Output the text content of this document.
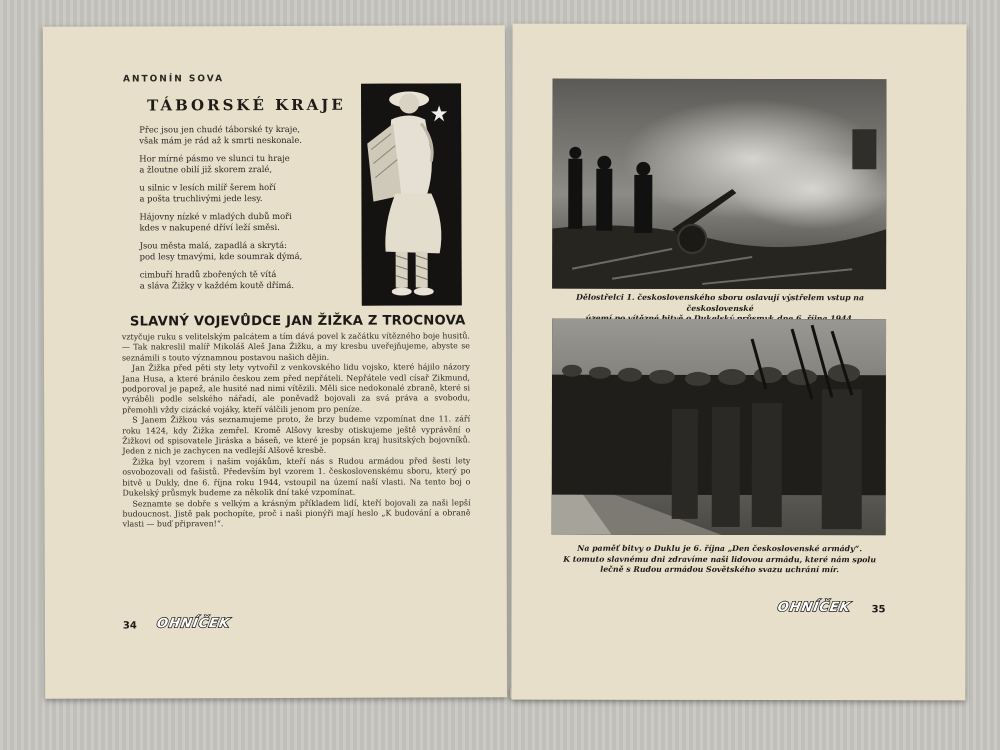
ANTONÍN SOVA
TÁBORSKÉ KRAJE

Přec jsou jen chudé táborské ty kraje,
však mám je rád až k smrti neskonale.

Hor mírné pásmo ve slunci tu hraje
a žloutne obilí již skorem zralé,

u silnic v lesích milíř šerem hoří
a pošta truchlivými jede lesy.

Hájovny nízké v mladých dubů moři
kdes v nakupené dříví leží směsi.

Jsou města malá, zapadlá a skrytá:
pod lesy tmavými, kde soumrak dýmá,

cimbuří hradů zbořených tě vítá
a sláva Žižky v každém koutě dřímá.

SLAVNÝ VOJEVŮDCE JAN ŽIŽKA Z TROCNOVA

vztyčuje ruku s velitelským palcátem a tím dává povel k začátku vítězného boje husitů. — Tak nakreslil malíř Mikoláš Aleš Jana Žižku, a my kresbu uveřejňujeme, abyste se seznámili s touto významnou postavou našich dějin.

Jan Žižka před pěti sty lety vytvořil z venkovského lidu vojsko, které hájilo názory Jana Husa, a které bránilo českou zem před nepřáteli. Nepřátele vedl císař Zikmund, podporoval je papež, ale husité nad nimi vítězili. Měli sice nedokonalé zbraně, které si vyráběli podle selského nářadí, ale poněvadž bojovali za svá práva a svobodu, přemohli vždy cizácké vojáky, kteří válčili jenom pro peníze.

S Janem Žižkou vás seznamujeme proto, že brzy budeme vzpomínat dne 11. září roku 1424, kdy Žižka zemřel. Kromě Alšovy kresby otiskujeme ještě vyprávění o Žižkovi od spisovatele Jiráska a báseň, ve které je popsán kraj husitských bojovníků. Jeden z nich je zachycen na vedlejší Alšově kresbě.

Žižka byl vzorem i našim vojákům, kteří nás s Rudou armádou před šesti lety osvobozovali od fašistů. Především byl vzorem 1. československému sboru, který po bitvě u Dukly, dne 6. října roku 1944, vstoupil na území naší vlasti. Na tento boj o Dukelský průsmyk budeme za několik dní také vzpomínat.

Seznamte se dobře s velkým a krásným příkladem lidí, kteří bojovali za naši lepší budoucnost. Jistě pak pochopíte, proč i naši pionýři mají heslo „K budování a obraně vlasti — buď připraven!“.

34 OHNÍČEK
Dělostřelci 1. československého sboru oslavují výstřelem vstup na československé
Na paměť bitvy o Duklu je 6. října „Den československé armády“.
K tomuto slavnému dni zdravíme naši lidovou armádu, které nám spolu
lečně s Rudou armádou Sovětského svazu uchrání mír.
OHNÍČEK 35
